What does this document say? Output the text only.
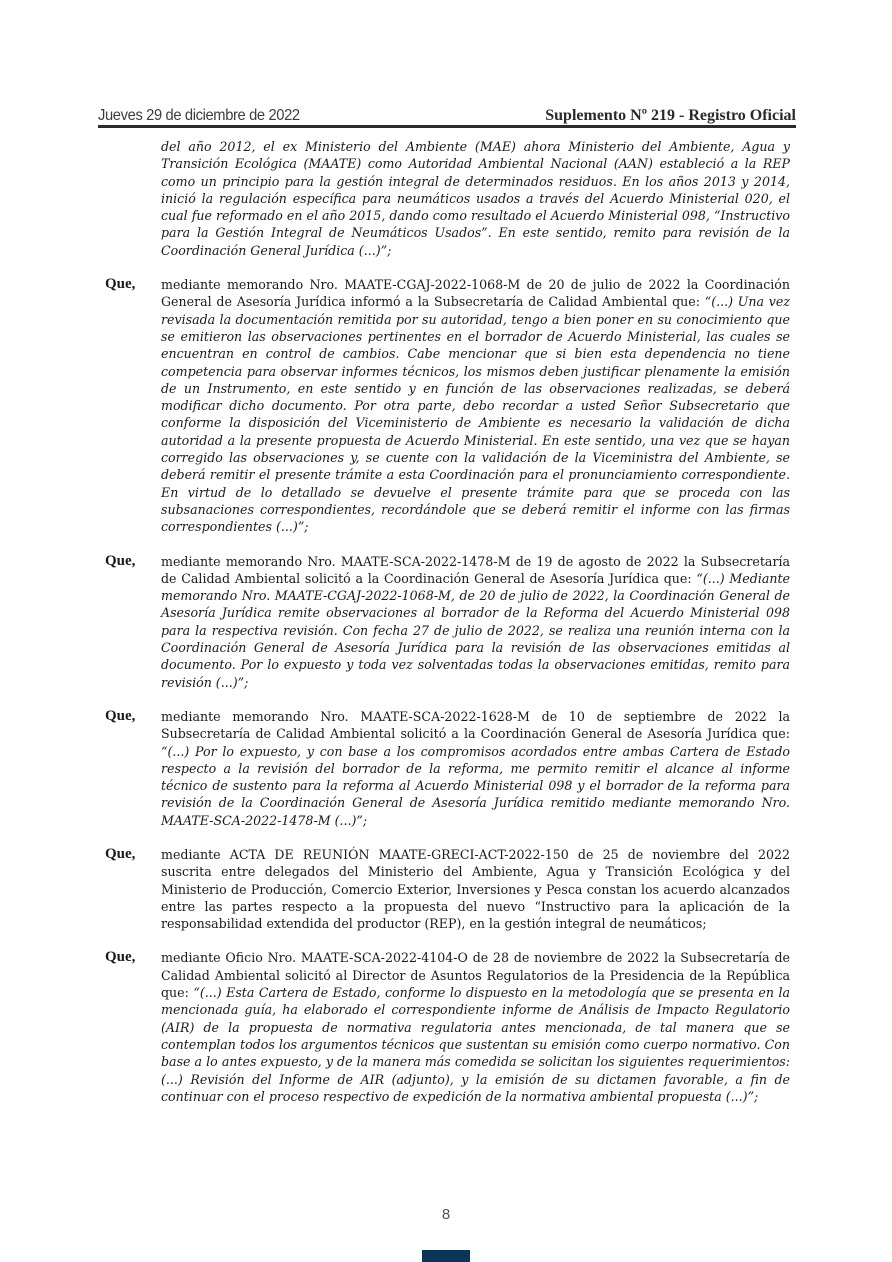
Jueves 29 de diciembre de 2022	Suplemento Nº 219 - Registro Oficial
del año 2012, el ex Ministerio del Ambiente (MAE) ahora Ministerio del Ambiente, Agua y Transición Ecológica (MAATE) como Autoridad Ambiental Nacional (AAN) estableció a la REP como un principio para la gestión integral de determinados residuos. En los años 2013 y 2014, inició la regulación específica para neumáticos usados a través del Acuerdo Ministerial 020, el cual fue reformado en el año 2015, dando como resultado el Acuerdo Ministerial 098, “Instructivo para la Gestión Integral de Neumáticos Usados”. En este sentido, remito para revisión de la Coordinación General Jurídica (...)”;
Que,	mediante memorando Nro. MAATE-CGAJ-2022-1068-M de 20 de julio de 2022 la Coordinación General de Asesoría Jurídica informó a la Subsecretaría de Calidad Ambiental que: “(...) Una vez revisada la documentación remitida por su autoridad, tengo a bien poner en su conocimiento que se emitieron las observaciones pertinentes en el borrador de Acuerdo Ministerial, las cuales se encuentran en control de cambios. Cabe mencionar que si bien esta dependencia no tiene competencia para observar informes técnicos, los mismos deben justificar plenamente la emisión de un Instrumento, en este sentido y en función de las observaciones realizadas, se deberá modificar dicho documento. Por otra parte, debo recordar a usted Señor Subsecretario que conforme la disposición del Viceministerio de Ambiente es necesario la validación de dicha autoridad a la presente propuesta de Acuerdo Ministerial. En este sentido, una vez que se hayan corregido las observaciones y, se cuente con la validación de la Viceministra del Ambiente, se deberá remitir el presente trámite a esta Coordinación para el pronunciamiento correspondiente. En virtud de lo detallado se devuelve el presente trámite para que se proceda con las subsanaciones correspondientes, recordándole que se deberá remitir el informe con las firmas correspondientes (...)”;
Que,	mediante memorando Nro. MAATE-SCA-2022-1478-M de 19 de agosto de 2022 la Subsecretaría de Calidad Ambiental solicitó a la Coordinación General de Asesoría Jurídica que: “(...) Mediante memorando Nro. MAATE-CGAJ-2022-1068-M, de 20 de julio de 2022, la Coordinación General de Asesoría Jurídica remite observaciones al borrador de la Reforma del Acuerdo Ministerial 098 para la respectiva revisión. Con fecha 27 de julio de 2022, se realiza una reunión interna con la Coordinación General de Asesoría Jurídica para la revisión de las observaciones emitidas al documento. Por lo expuesto y toda vez solventadas todas la observaciones emitidas, remito para revisión (...)”;
Que,	mediante memorando Nro. MAATE-SCA-2022-1628-M de 10 de septiembre de 2022 la Subsecretaría de Calidad Ambiental solicitó a la Coordinación General de Asesoría Jurídica que: “(...) Por lo expuesto, y con base a los compromisos acordados entre ambas Cartera de Estado respecto a la revisión del borrador de la reforma, me permito remitir el alcance al informe técnico de sustento para la reforma al Acuerdo Ministerial 098 y el borrador de la reforma para revisión de la Coordinación General de Asesoría Jurídica remitido mediante memorando Nro. MAATE-SCA-2022-1478-M (...)”;
Que,	mediante ACTA DE REUNIÓN MAATE-GRECI-ACT-2022-150 de 25 de noviembre del 2022 suscrita entre delegados del Ministerio del Ambiente, Agua y Transición Ecológica y del Ministerio de Producción, Comercio Exterior, Inversiones y Pesca constan los acuerdo alcanzados entre las partes respecto a la propuesta del nuevo “Instructivo para la aplicación de la responsabilidad extendida del productor (REP), en la gestión integral de neumáticos;
Que,	mediante Oficio Nro. MAATE-SCA-2022-4104-O de 28 de noviembre de 2022 la Subsecretaría de Calidad Ambiental solicitó al Director de Asuntos Regulatorios de la Presidencia de la República que: “(...) Esta Cartera de Estado, conforme lo dispuesto en la metodología que se presenta en la mencionada guía, ha elaborado el correspondiente informe de Análisis de Impacto Regulatorio (AIR) de la propuesta de normativa regulatoria antes mencionada, de tal manera que se contemplan todos los argumentos técnicos que sustentan su emisión como cuerpo normativo. Con base a lo antes expuesto, y de la manera más comedida se solicitan los siguientes requerimientos: (...) Revisión del Informe de AIR (adjunto), y la emisión de su dictamen favorable, a fin de continuar con el proceso respectivo de expedición de la normativa ambiental propuesta (...)”;
8
